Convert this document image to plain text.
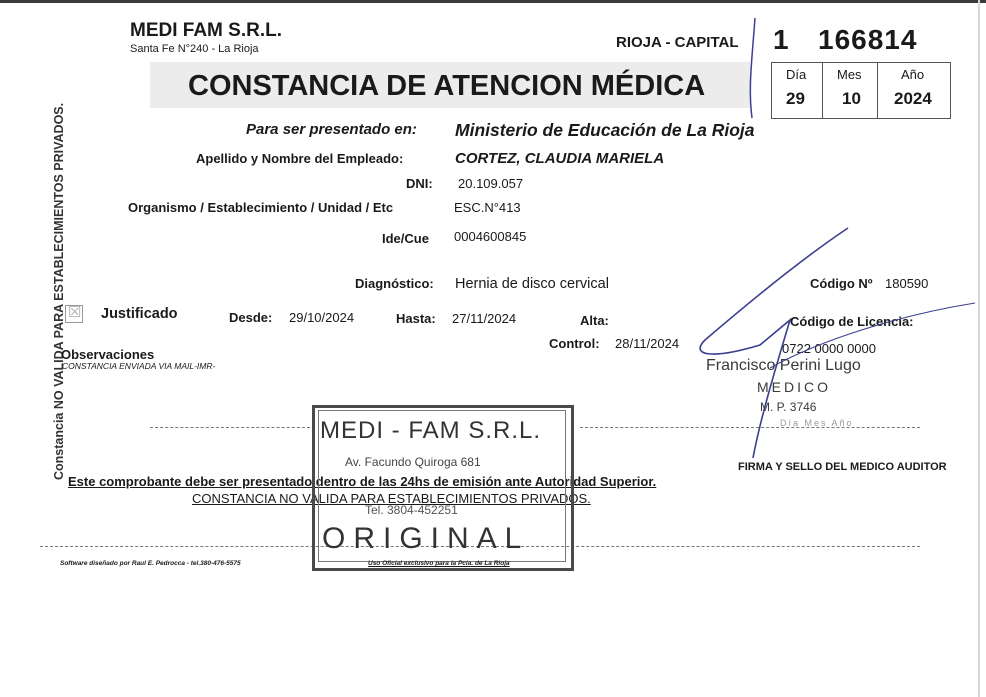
Constancia NO VALIDA PARA ESTABLECIMIENTOS PRIVADOS.
MEDI FAM S.R.L.
Santa Fe N°240 - La Rioja	RIOJA - CAPITAL 1 166814
CONSTANCIA DE ATENCION MÉDICA	Día Mes	Año
29 10 2024
Para ser presentado en: Ministerio de Educación de La Rioja
Apellido y Nombre del Empleado:	CORTEZ, CLAUDIA MARIELA
DNI: 20.109.057
Organismo / Establecimiento / Unidad / Etc	ESC.N°413
Ide/Cue 0004600845
Diagnóstico: Hernia de disco cervical	Código Nº 180590
☒ Justificado	Desde: 29/10/2024	Hasta: 27/11/2024	Alta:	Código de Licencia:
Control: 28/11/2024	0722 0000 0000
Observaciones
CONSTANCIA ENVIADA VIA MAIL-IMR-	Francisco Perini Lugo
MEDICO
M. P. 3746
Día Mes Año
FIRMA Y SELLO DEL MEDICO AUDITOR
Este comprobante debe ser presentado dentro de las 24hs de emisión ante Autoridad Superior.
CONSTANCIA NO VALIDA PARA ESTABLECIMIENTOS PRIVADOS.
MEDI - FAM S.R.L.
Av. Facundo Quiroga 681
Tel. 3804-452251
ORIGINAL
Software diseñado por Raul E. Pedrocca - tel.380-476-5575	Uso Oficial exclusivo para la Pcia. de La Rioja
